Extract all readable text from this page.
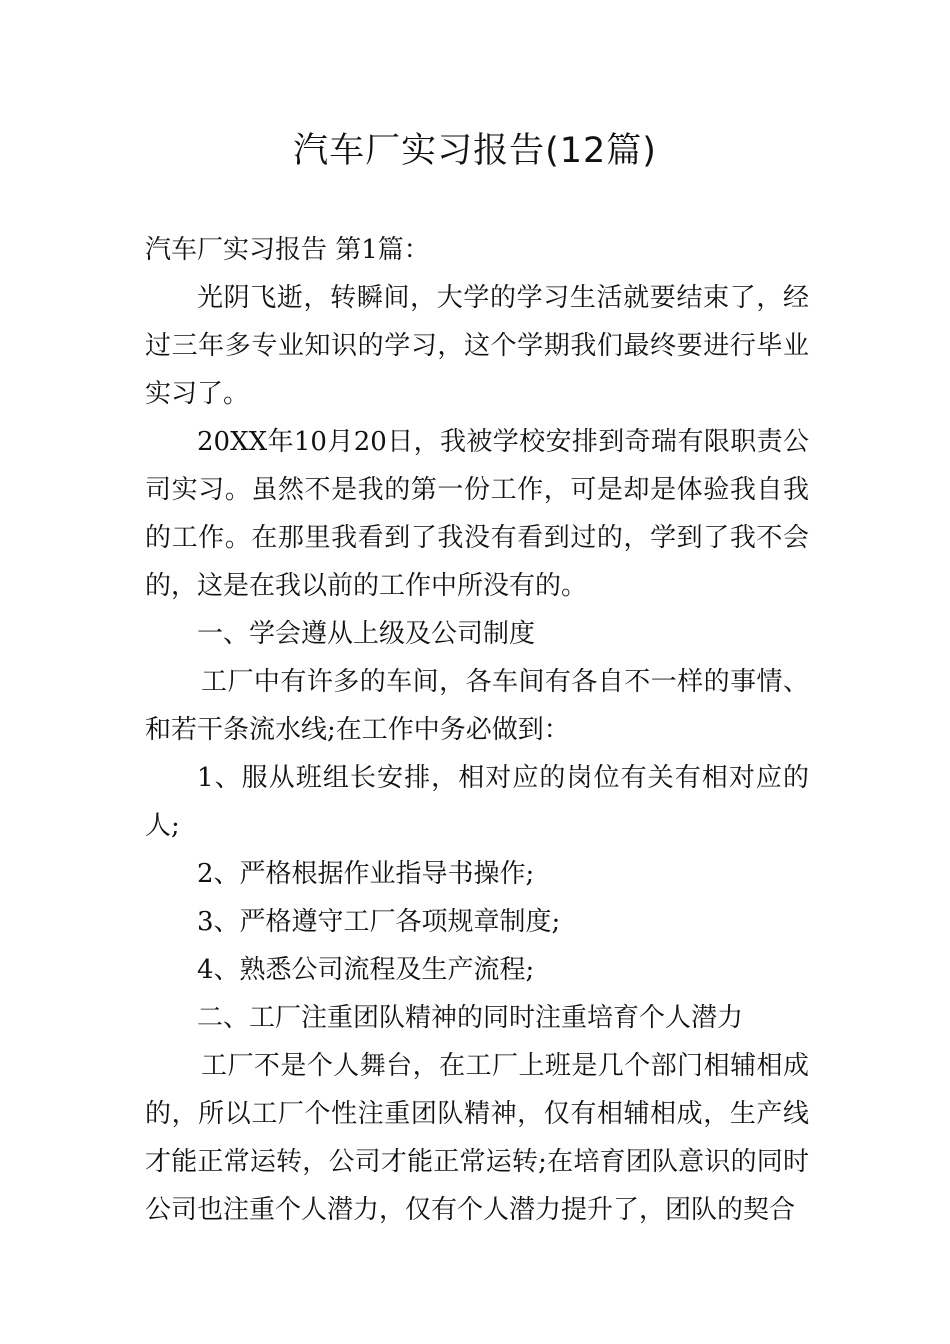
汽车厂实习报告(12篇)

汽车厂实习报告 第1篇：

光阴飞逝，转瞬间，大学的学习生活就要结束了，经过三年多专业知识的学习，这个学期我们最终要进行毕业实习了。

20XX年10月20日，我被学校安排到奇瑞有限职责公司实习。虽然不是我的第一份工作，可是却是体验我自我的工作。在那里我看到了我没有看到过的，学到了我不会的，这是在我以前的工作中所没有的。

一、学会遵从上级及公司制度

工厂中有许多的车间，各车间有各自不一样的事情、和若干条流水线;在工作中务必做到：

1、服从班组长安排，相对应的岗位有关有相对应的人;

2、严格根据作业指导书操作;

3、严格遵守工厂各项规章制度;

4、熟悉公司流程及生产流程;

二、工厂注重团队精神的同时注重培育个人潜力

工厂不是个人舞台，在工厂上班是几个部门相辅相成的，所以工厂个性注重团队精神，仅有相辅相成，生产线才能正常运转，公司才能正常运转;在培育团队意识的同时公司也注重个人潜力，仅有个人潜力提升了，团队的契合
